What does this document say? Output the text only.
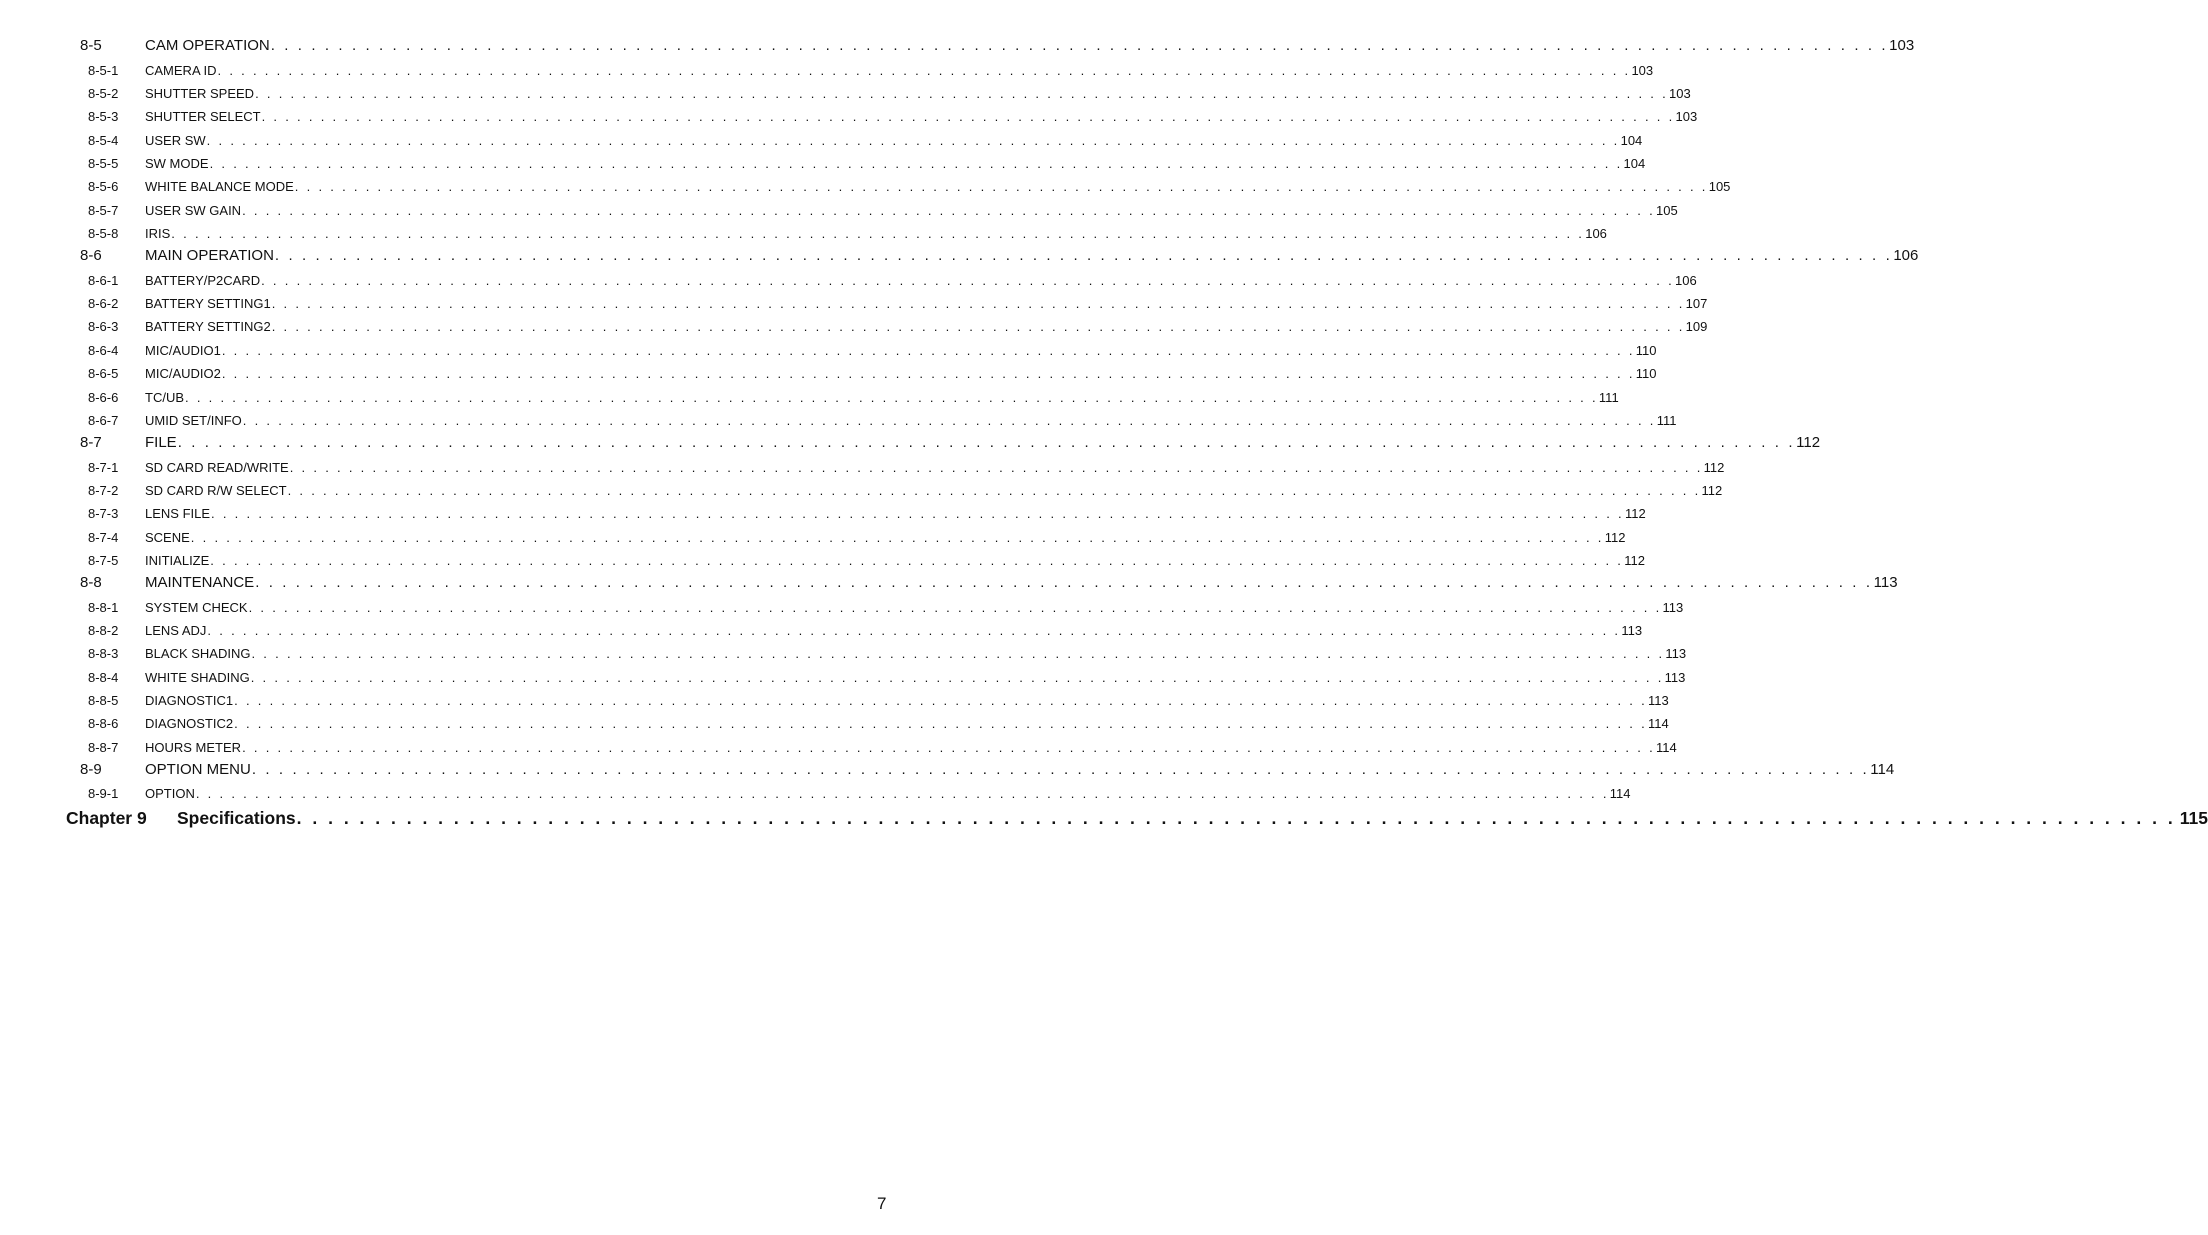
8-5	CAM OPERATION . . . . . . . . . . . . . . . . . . . . . . . . . . . . . . . . . . . . . . . . . . . . . . . . . . . . . . . . . . . . . . . . . . . . . . . . . . . . . . . . . . . . . . . . . . . . . . . . . . . . . . . . . . . . . . . . . . . . . . . . 103
8-5-1 CAMERA ID . . . . . . . . . . . . . . . . . . . . . . . . . . . . . . . . . . . . . . . . . . . . . . . . . . . . . . . . . . . . . . . . . . . . . . . . . . . . . . . . . . . . . . . . . . . . . . . . . . . . . . . . . . . . . . . . . . . . . . . . 103
8-5-2 SHUTTER SPEED . . . . . . . . . . . . . . . . . . . . . . . . . . . . . . . . . . . . . . . . . . . . . . . . . . . . . . . . . . . . . . . . . . . . . . . . . . . . . . . . . . . . . . . . . . . . . . . . . . . . . . . . . . . . . . . . . . . . . . . . 103
8-5-3 SHUTTER SELECT . . . . . . . . . . . . . . . . . . . . . . . . . . . . . . . . . . . . . . . . . . . . . . . . . . . . . . . . . . . . . . . . . . . . . . . . . . . . . . . . . . . . . . . . . . . . . . . . . . . . . . . . . . . . . . . . . . . . . . . . 103
8-5-4 USER SW . . . . . . . . . . . . . . . . . . . . . . . . . . . . . . . . . . . . . . . . . . . . . . . . . . . . . . . . . . . . . . . . . . . . . . . . . . . . . . . . . . . . . . . . . . . . . . . . . . . . . . . . . . . . . . . . . . . . . . . . 104
8-5-5 SW MODE . . . . . . . . . . . . . . . . . . . . . . . . . . . . . . . . . . . . . . . . . . . . . . . . . . . . . . . . . . . . . . . . . . . . . . . . . . . . . . . . . . . . . . . . . . . . . . . . . . . . . . . . . . . . . . . . . . . . . . . . 104
8-5-6 WHITE BALANCE MODE . . . . . . . . . . . . . . . . . . . . . . . . . . . . . . . . . . . . . . . . . . . . . . . . . . . . . . . . . . . . . . . . . . . . . . . . . . . . . . . . . . . . . . . . . . . . . . . . . . . . . . . . . . . . . . . . . . . . . . . . 105
8-5-7 USER SW GAIN . . . . . . . . . . . . . . . . . . . . . . . . . . . . . . . . . . . . . . . . . . . . . . . . . . . . . . . . . . . . . . . . . . . . . . . . . . . . . . . . . . . . . . . . . . . . . . . . . . . . . . . . . . . . . . . . . . . . . . . . 105
8-5-8 IRIS . . . . . . . . . . . . . . . . . . . . . . . . . . . . . . . . . . . . . . . . . . . . . . . . . . . . . . . . . . . . . . . . . . . . . . . . . . . . . . . . . . . . . . . . . . . . . . . . . . . . . . . . . . . . . . . . . . . . . . . . 106
8-6	MAIN OPERATION . . . . . . . . . . . . . . . . . . . . . . . . . . . . . . . . . . . . . . . . . . . . . . . . . . . . . . . . . . . . . . . . . . . . . . . . . . . . . . . . . . . . . . . . . . . . . . . . . . . . . . . . . . . . . . . . . . . . . . . . 106
8-6-1 BATTERY/P2CARD . . . . . . . . . . . . . . . . . . . . . . . . . . . . . . . . . . . . . . . . . . . . . . . . . . . . . . . . . . . . . . . . . . . . . . . . . . . . . . . . . . . . . . . . . . . . . . . . . . . . . . . . . . . . . . . . . . . . . . . . 106
8-6-2 BATTERY SETTING1 . . . . . . . . . . . . . . . . . . . . . . . . . . . . . . . . . . . . . . . . . . . . . . . . . . . . . . . . . . . . . . . . . . . . . . . . . . . . . . . . . . . . . . . . . . . . . . . . . . . . . . . . . . . . . . . . . . . . . . . . 107
8-6-3 BATTERY SETTING2 . . . . . . . . . . . . . . . . . . . . . . . . . . . . . . . . . . . . . . . . . . . . . . . . . . . . . . . . . . . . . . . . . . . . . . . . . . . . . . . . . . . . . . . . . . . . . . . . . . . . . . . . . . . . . . . . . . . . . . . . 109
8-6-4 MIC/AUDIO1 . . . . . . . . . . . . . . . . . . . . . . . . . . . . . . . . . . . . . . . . . . . . . . . . . . . . . . . . . . . . . . . . . . . . . . . . . . . . . . . . . . . . . . . . . . . . . . . . . . . . . . . . . . . . . . . . . . . . . . . . 110
8-6-5 MIC/AUDIO2 . . . . . . . . . . . . . . . . . . . . . . . . . . . . . . . . . . . . . . . . . . . . . . . . . . . . . . . . . . . . . . . . . . . . . . . . . . . . . . . . . . . . . . . . . . . . . . . . . . . . . . . . . . . . . . . . . . . . . . . . 110
8-6-6 TC/UB . . . . . . . . . . . . . . . . . . . . . . . . . . . . . . . . . . . . . . . . . . . . . . . . . . . . . . . . . . . . . . . . . . . . . . . . . . . . . . . . . . . . . . . . . . . . . . . . . . . . . . . . . . . . . . . . . . . . . . . . 111
8-6-7 UMID SET/INFO . . . . . . . . . . . . . . . . . . . . . . . . . . . . . . . . . . . . . . . . . . . . . . . . . . . . . . . . . . . . . . . . . . . . . . . . . . . . . . . . . . . . . . . . . . . . . . . . . . . . . . . . . . . . . . . . . . . . . . . . 111
8-7	FILE . . . . . . . . . . . . . . . . . . . . . . . . . . . . . . . . . . . . . . . . . . . . . . . . . . . . . . . . . . . . . . . . . . . . . . . . . . . . . . . . . . . . . . . . . . . . . . . . . . . . . . . . . . . . . . . . . . . . . . . . 112
8-7-1 SD CARD READ/WRITE . . . . . . . . . . . . . . . . . . . . . . . . . . . . . . . . . . . . . . . . . . . . . . . . . . . . . . . . . . . . . . . . . . . . . . . . . . . . . . . . . . . . . . . . . . . . . . . . . . . . . . . . . . . . . . . . . . . . . . . . 112
8-7-2 SD CARD R/W SELECT . . . . . . . . . . . . . . . . . . . . . . . . . . . . . . . . . . . . . . . . . . . . . . . . . . . . . . . . . . . . . . . . . . . . . . . . . . . . . . . . . . . . . . . . . . . . . . . . . . . . . . . . . . . . . . . . . . . . . . . . 112
8-7-3 LENS FILE . . . . . . . . . . . . . . . . . . . . . . . . . . . . . . . . . . . . . . . . . . . . . . . . . . . . . . . . . . . . . . . . . . . . . . . . . . . . . . . . . . . . . . . . . . . . . . . . . . . . . . . . . . . . . . . . . . . . . . . . 112
8-7-4 SCENE . . . . . . . . . . . . . . . . . . . . . . . . . . . . . . . . . . . . . . . . . . . . . . . . . . . . . . . . . . . . . . . . . . . . . . . . . . . . . . . . . . . . . . . . . . . . . . . . . . . . . . . . . . . . . . . . . . . . . . . . 112
8-7-5 INITIALIZE . . . . . . . . . . . . . . . . . . . . . . . . . . . . . . . . . . . . . . . . . . . . . . . . . . . . . . . . . . . . . . . . . . . . . . . . . . . . . . . . . . . . . . . . . . . . . . . . . . . . . . . . . . . . . . . . . . . . . . . . 112
8-8	MAINTENANCE . . . . . . . . . . . . . . . . . . . . . . . . . . . . . . . . . . . . . . . . . . . . . . . . . . . . . . . . . . . . . . . . . . . . . . . . . . . . . . . . . . . . . . . . . . . . . . . . . . . . . . . . . . . . . . . . . . . . . . . . 113
8-8-1 SYSTEM CHECK . . . . . . . . . . . . . . . . . . . . . . . . . . . . . . . . . . . . . . . . . . . . . . . . . . . . . . . . . . . . . . . . . . . . . . . . . . . . . . . . . . . . . . . . . . . . . . . . . . . . . . . . . . . . . . . . . . . . . . . . 113
8-8-2 LENS ADJ . . . . . . . . . . . . . . . . . . . . . . . . . . . . . . . . . . . . . . . . . . . . . . . . . . . . . . . . . . . . . . . . . . . . . . . . . . . . . . . . . . . . . . . . . . . . . . . . . . . . . . . . . . . . . . . . . . . . . . . . 113
8-8-3 BLACK SHADING . . . . . . . . . . . . . . . . . . . . . . . . . . . . . . . . . . . . . . . . . . . . . . . . . . . . . . . . . . . . . . . . . . . . . . . . . . . . . . . . . . . . . . . . . . . . . . . . . . . . . . . . . . . . . . . . . . . . . . . . 113
8-8-4 WHITE SHADING . . . . . . . . . . . . . . . . . . . . . . . . . . . . . . . . . . . . . . . . . . . . . . . . . . . . . . . . . . . . . . . . . . . . . . . . . . . . . . . . . . . . . . . . . . . . . . . . . . . . . . . . . . . . . . . . . . . . . . . . 113
8-8-5 DIAGNOSTIC1 . . . . . . . . . . . . . . . . . . . . . . . . . . . . . . . . . . . . . . . . . . . . . . . . . . . . . . . . . . . . . . . . . . . . . . . . . . . . . . . . . . . . . . . . . . . . . . . . . . . . . . . . . . . . . . . . . . . . . . . . 113
8-8-6 DIAGNOSTIC2 . . . . . . . . . . . . . . . . . . . . . . . . . . . . . . . . . . . . . . . . . . . . . . . . . . . . . . . . . . . . . . . . . . . . . . . . . . . . . . . . . . . . . . . . . . . . . . . . . . . . . . . . . . . . . . . . . . . . . . . . 114
8-8-7 HOURS METER . . . . . . . . . . . . . . . . . . . . . . . . . . . . . . . . . . . . . . . . . . . . . . . . . . . . . . . . . . . . . . . . . . . . . . . . . . . . . . . . . . . . . . . . . . . . . . . . . . . . . . . . . . . . . . . . . . . . . . . . 114
8-9	OPTION MENU . . . . . . . . . . . . . . . . . . . . . . . . . . . . . . . . . . . . . . . . . . . . . . . . . . . . . . . . . . . . . . . . . . . . . . . . . . . . . . . . . . . . . . . . . . . . . . . . . . . . . . . . . . . . . . . . . . . . . . . . 114
8-9-1 OPTION . . . . . . . . . . . . . . . . . . . . . . . . . . . . . . . . . . . . . . . . . . . . . . . . . . . . . . . . . . . . . . . . . . . . . . . . . . . . . . . . . . . . . . . . . . . . . . . . . . . . . . . . . . . . . . . . . . . . . . . . 114
Chapter 9 Specifications . . . . . . . . . . . . . . . . . . . . . . . . . . . . . . . . . . . . . . . . . . . . . . . . . . . . . . . . . . . . . . . . . . . . . . . . . . . . . . . . . . . . . . . . . . . . . . . . . . . . . . . . . . . . . . . . . . . . . . . . 115
7
